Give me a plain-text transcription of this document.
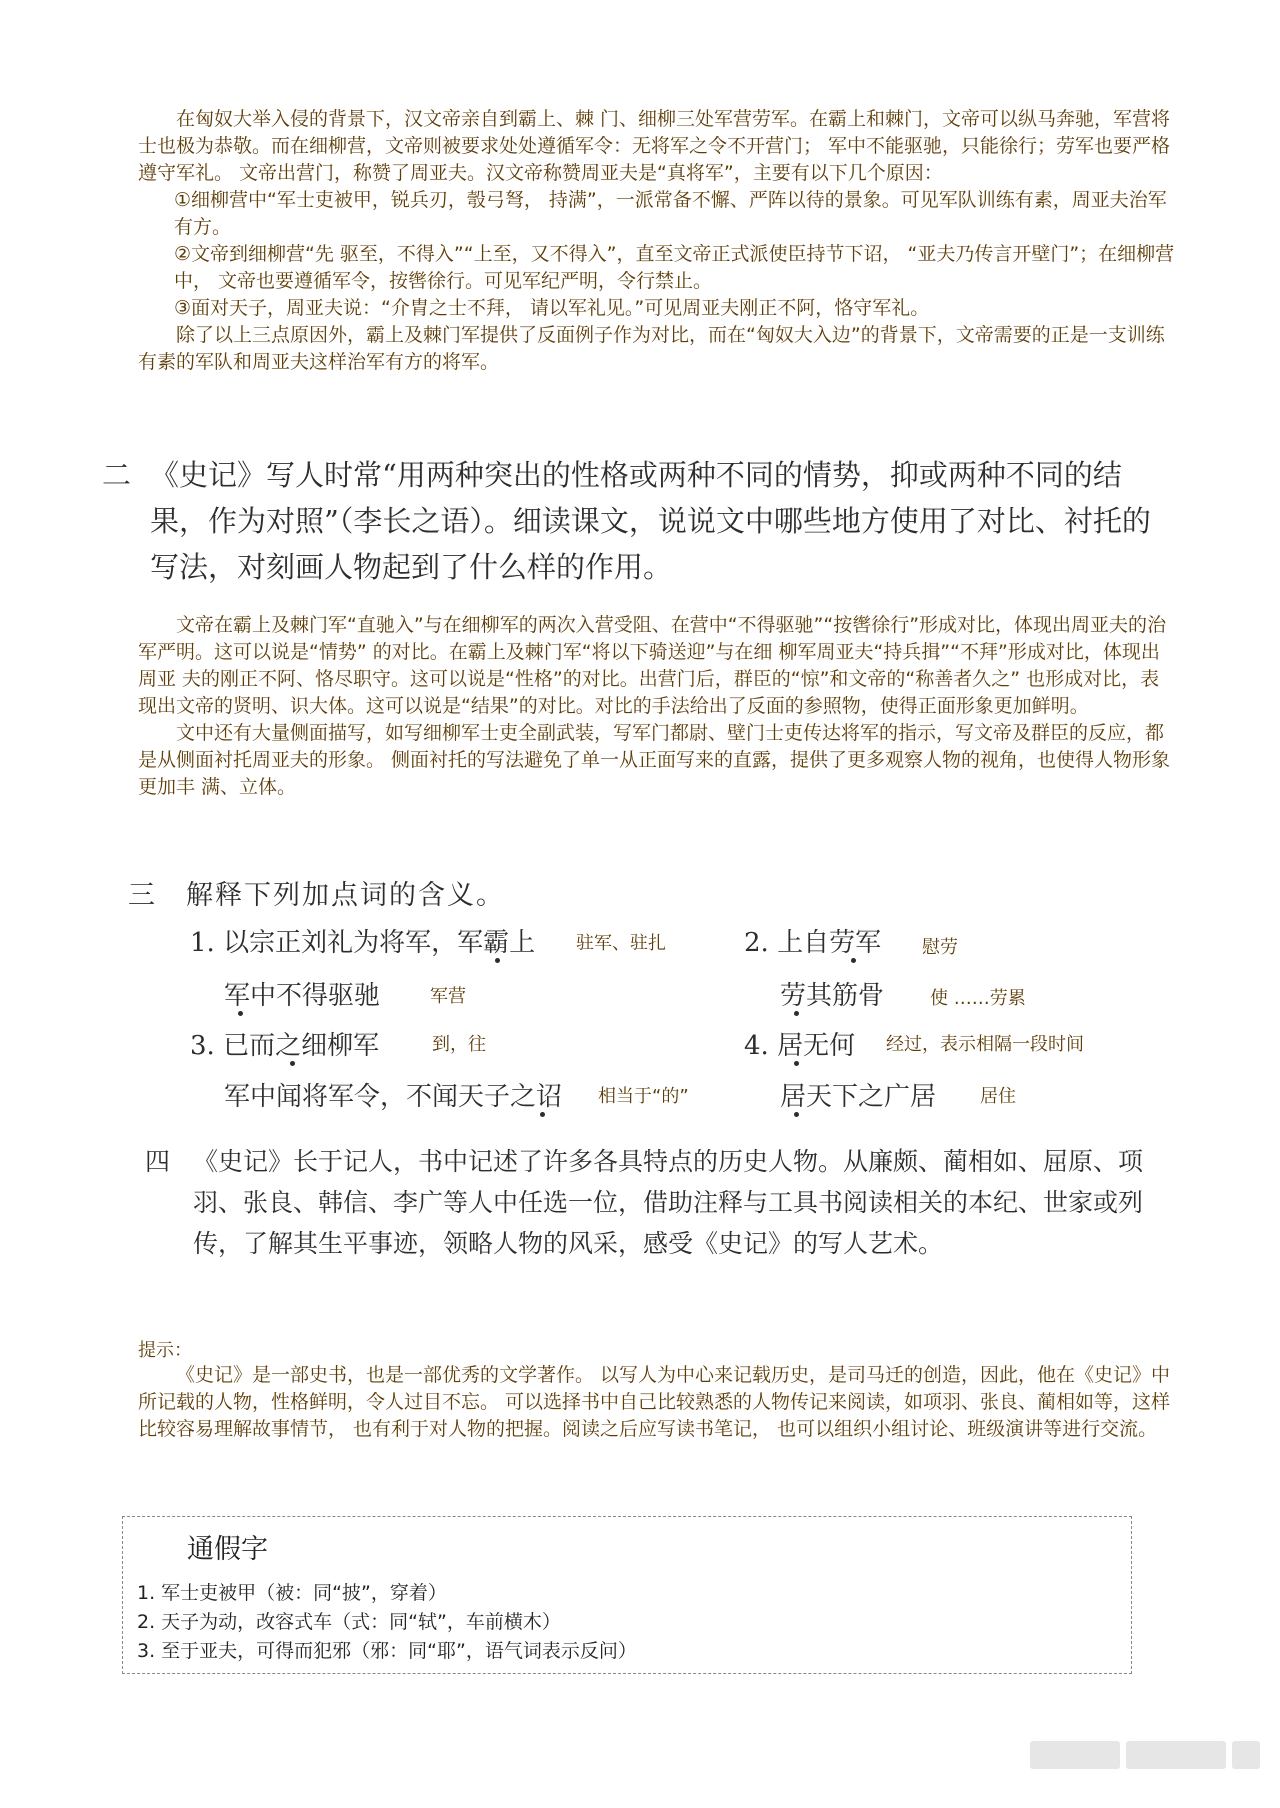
在匈奴大举入侵的背景下，汉文帝亲自到霸上、棘 门、细柳三处军营劳军。在霸上和棘门，文帝可以纵马奔驰，军营将士也极为恭敬。而在细柳营，文帝则被要求处处遵循军令：无将军之令不开营门； 军中不能驱驰，只能徐行；劳军也要严格遵守军礼。 文帝出营门，称赞了周亚夫。汉文帝称赞周亚夫是“真将军”，主要有以下几个原因：

①细柳营中“军士吏被甲，锐兵刃，彀弓弩， 持满”，一派常备不懈、严阵以待的景象。可见军队训练有素，周亚夫治军有方。

②文帝到细柳营“先 驱至，不得入”“上至，又不得入”，直至文帝正式派使臣持节下诏， “亚夫乃传言开壁门”；在细柳营中， 文帝也要遵循军令，按辔徐行。可见军纪严明，令行禁止。

③面对天子，周亚夫说：“介胄之士不拜， 请以军礼见。”可见周亚夫刚正不阿，恪守军礼。

除了以上三点原因外，霸上及棘门军提供了反面例子作为对比，而在“匈奴大入边”的背景下，文帝需要的正是一支训练有素的军队和周亚夫这样治军有方的将军。

二 《史记》写人时常“用两种突出的性格或两种不同的情势，抑或两种不同的结果，作为对照”（李长之语）。细读课文，说说文中哪些地方使用了对比、衬托的写法，对刻画人物起到了什么样的作用。

文帝在霸上及棘门军“直驰入”与在细柳军的两次入营受阻、在营中“不得驱驰”“按辔徐行”形成对比，体现出周亚夫的治军严明。这可以说是“情势” 的对比。在霸上及棘门军“将以下骑送迎”与在细 柳军周亚夫“持兵揖”“不拜”形成对比，体现出周亚 夫的刚正不阿、恪尽职守。这可以说是“性格”的对比。出营门后，群臣的“惊”和文帝的“称善者久之” 也形成对比，表现出文帝的贤明、识大体。这可以说是“结果”的对比。对比的手法给出了反面的参照物，使得正面形象更加鲜明。

文中还有大量侧面描写，如写细柳军士吏全副武装，写军门都尉、壁门士吏传达将军的指示，写文帝及群臣的反应，都是从侧面衬托周亚夫的形象。 侧面衬托的写法避免了单一从正面写来的直露，提供了更多观察人物的视角，也使得人物形象更加丰 满、立体。

三　解释下列加点词的含义。
1. 以宗正刘礼为将军，军霸上 驻军、驻扎
军中不得驱驰	军营
2. 上自劳军 慰劳
劳其筋骨	使 ……劳累
3. 已而之细柳军	到，往
军中闻将军令，不闻天子之诏 相当于“的”
4. 居无何 经过，表示相隔一段时间
居天下之广居 居住
四 《史记》长于记人，书中记述了许多各具特点的历史人物。从廉颇、蔺相如、屈原、项羽、张良、韩信、李广等人中任选一位，借助注释与工具书阅读相关的本纪、世家或列传，了解其生平事迹，领略人物的风采，感受《史记》的写人艺术。
提示：

《史记》是一部史书，也是一部优秀的文学著作。 以写人为中心来记载历史，是司马迁的创造，因此，他在《史记》中所记载的人物，性格鲜明，令人过目不忘。 可以选择书中自己比较熟悉的人物传记来阅读，如项羽、张良、蔺相如等，这样比较容易理解故事情节， 也有利于对人物的把握。阅读之后应写读书笔记， 也可以组织小组讨论、班级演讲等进行交流。

通假字
1. 军士吏被甲（被：同“披”，穿着）
2. 天子为动，改容式车（式：同“轼”，车前横木）
3. 至于亚夫，可得而犯邪（邪：同“耶”，语气词表示反问）
